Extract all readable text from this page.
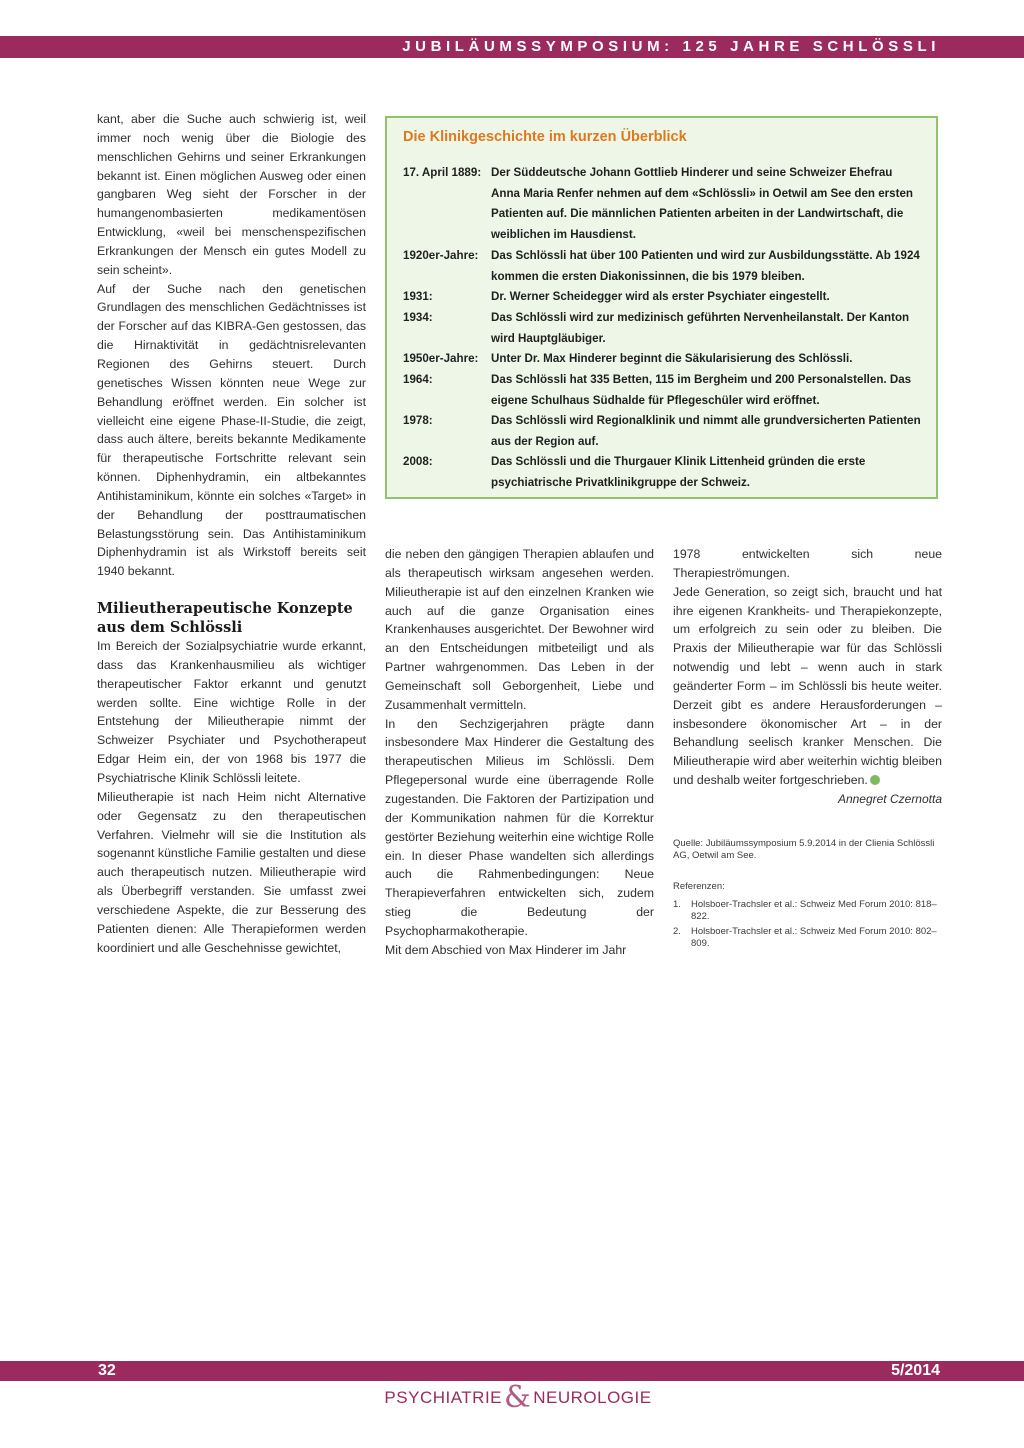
JUBILÄUMSSYMPOSIUM: 125 JAHRE SCHLÖSSLI

kant, aber die Suche auch schwierig ist, weil immer noch wenig über die Biologie des menschlichen Gehirns und seiner Erkrankungen bekannt ist. Einen möglichen Ausweg oder einen gangbaren Weg sieht der Forscher in der humangenombasierten medikamentösen Entwicklung, «weil bei menschenspezifischen Erkrankungen der Mensch ein gutes Modell zu sein scheint».

Auf der Suche nach den genetischen Grundlagen des menschlichen Gedächtnisses ist der Forscher auf das KIBRA-Gen gestossen, das die Hirnaktivität in gedächtnisrelevanten Regionen des Gehirns steuert. Durch genetisches Wissen könnten neue Wege zur Behandlung eröffnet werden. Ein solcher ist vielleicht eine eigene Phase-II-Studie, die zeigt, dass auch ältere, bereits bekannte Medikamente für therapeutische Fortschritte relevant sein können. Diphenhydramin, ein altbekanntes Antihistaminikum, könnte ein solches «Target» in der Behandlung der posttraumatischen Belastungsstörung sein. Das Antihistaminikum Diphenhydramin ist als Wirkstoff bereits seit 1940 bekannt.

Milieutherapeutische Konzepte aus dem Schlössli

Im Bereich der Sozialpsychiatrie wurde erkannt, dass das Krankenhausmilieu als wichtiger therapeutischer Faktor erkannt und genutzt werden sollte. Eine wichtige Rolle in der Entstehung der Milieutherapie nimmt der Schweizer Psychiater und Psychotherapeut Edgar Heim ein, der von 1968 bis 1977 die Psychiatrische Klinik Schlössli leitete.

Milieutherapie ist nach Heim nicht Alternative oder Gegensatz zu den therapeutischen Verfahren. Vielmehr will sie die Institution als sogenannt künstliche Familie gestalten und diese auch therapeutisch nutzen. Milieutherapie wird als Überbegriff verstanden. Sie umfasst zwei verschiedene Aspekte, die zur Besserung des Patienten dienen: Alle Therapieformen werden koordiniert und alle Geschehnisse gewichtet,

Die Klinikgeschichte im kurzen Überblick
17. April 1889: Der Süddeutsche Johann Gottlieb Hinderer und seine Schweizer Ehefrau Anna Maria Renfer nehmen auf dem «Schlössli» in Oetwil am See den ersten Patienten auf. Die männlichen Patienten arbeiten in der Landwirtschaft, die weiblichen im Hausdienst.
1920er-Jahre:	Das Schlössli hat über 100 Patienten und wird zur Ausbildungsstätte. Ab 1924 kommen die ersten Diakonissinnen, die bis 1979 bleiben.
1931:	Dr. Werner Scheidegger wird als erster Psychiater eingestellt.
1934:	Das Schlössli wird zur medizinisch geführten Nervenheilanstalt. Der Kanton wird Hauptgläubiger.
1950er-Jahre:	Unter Dr. Max Hinderer beginnt die Säkularisierung des Schlössli.
1964:	Das Schlössli hat 335 Betten, 115 im Bergheim und 200 Personalstellen. Das eigene Schulhaus Südhalde für Pflegeschüler wird eröffnet.
1978:	Das Schlössli wird Regionalklinik und nimmt alle grundversicherten Patienten aus der Region auf.
2008:	Das Schlössli und die Thurgauer Klinik Littenheid gründen die erste psychiatrische Privatklinikgruppe der Schweiz.

die neben den gängigen Therapien ablaufen und als therapeutisch wirksam angesehen werden. Milieutherapie ist auf den einzelnen Kranken wie auch auf die ganze Organisation eines Krankenhauses ausgerichtet. Der Bewohner wird an den Entscheidungen mitbeteiligt und als Partner wahrgenommen. Das Leben in der Gemeinschaft soll Geborgenheit, Liebe und Zusammenhalt vermitteln.

In den Sechzigerjahren prägte dann insbesondere Max Hinderer die Gestaltung des therapeutischen Milieus im Schlössli. Dem Pflegepersonal wurde eine überragende Rolle zugestanden. Die Faktoren der Partizipation und der Kommunikation nahmen für die Korrektur gestörter Beziehung weiterhin eine wichtige Rolle ein. In dieser Phase wandelten sich allerdings auch die Rahmenbedingungen: Neue Therapieverfahren entwickelten sich, zudem stieg die Bedeutung der Psychopharmakotherapie.

Mit dem Abschied von Max Hinderer im Jahr

1978 entwickelten sich neue Therapieströmungen.

Jede Generation, so zeigt sich, braucht und hat ihre eigenen Krankheits- und Therapiekonzepte, um erfolgreich zu sein oder zu bleiben. Die Praxis der Milieutherapie war für das Schlössli notwendig und lebt – wenn auch in stark geänderter Form – im Schlössli bis heute weiter. Derzeit gibt es andere Herausforderungen – insbesondere ökonomischer Art – in der Behandlung seelisch kranker Menschen. Die Milieutherapie wird aber weiterhin wichtig bleiben und deshalb weiter fortgeschrieben.

Annegret Czernotta

Quelle: Jubiläumssymposium 5.9.2014 in der Clienia Schlössli AG, Oetwil am See.
Referenzen:
1. Holsboer-Trachsler et al.: Schweiz Med Forum 2010: 818–822.
2. Holsboer-Trachsler et al.: Schweiz Med Forum 2010: 802–809.
32	5/2014
PSYCHIATRIE & NEUROLOGIE
